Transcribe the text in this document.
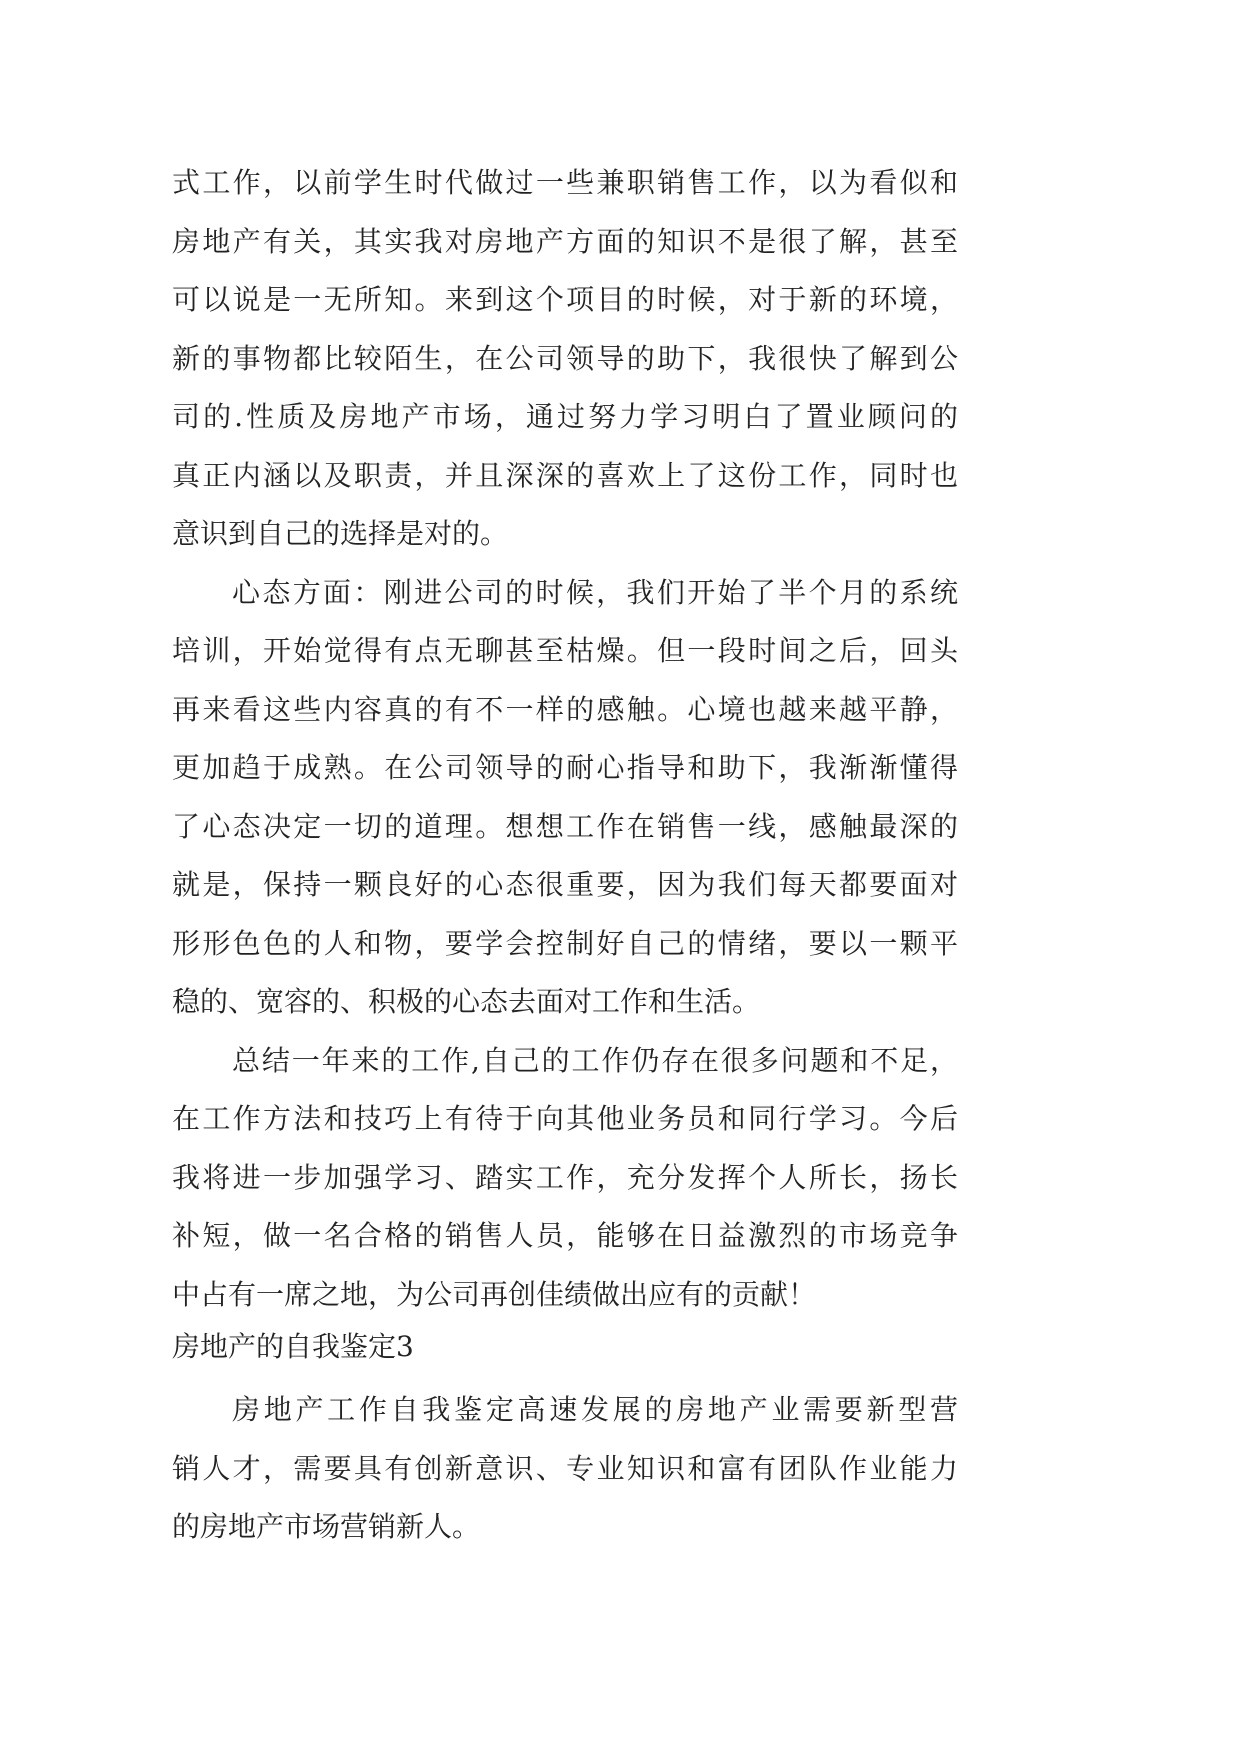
式工作，以前学生时代做过一些兼职销售工作，以为看似和
房地产有关，其实我对房地产方面的知识不是很了解，甚至
可以说是一无所知。来到这个项目的时候，对于新的环境，
新的事物都比较陌生，在公司领导的助下，我很快了解到公
司的.性质及房地产市场，通过努力学习明白了置业顾问的
真正内涵以及职责，并且深深的喜欢上了这份工作，同时也
意识到自己的选择是对的。
心态方面：刚进公司的时候，我们开始了半个月的系统
培训，开始觉得有点无聊甚至枯燥。但一段时间之后，回头
再来看这些内容真的有不一样的感触。心境也越来越平静，
更加趋于成熟。在公司领导的耐心指导和助下，我渐渐懂得
了心态决定一切的道理。想想工作在销售一线，感触最深的
就是，保持一颗良好的心态很重要，因为我们每天都要面对
形形色色的人和物，要学会控制好自己的情绪，要以一颗平
稳的、宽容的、积极的心态去面对工作和生活。
总结一年来的工作,自己的工作仍存在很多问题和不足，
在工作方法和技巧上有待于向其他业务员和同行学习。今后
我将进一步加强学习、踏实工作，充分发挥个人所长，扬长
补短，做一名合格的销售人员，能够在日益激烈的市场竞争
中占有一席之地，为公司再创佳绩做出应有的贡献！
房地产的自我鉴定3
房地产工作自我鉴定高速发展的房地产业需要新型营
销人才，需要具有创新意识、专业知识和富有团队作业能力
的房地产市场营销新人。
